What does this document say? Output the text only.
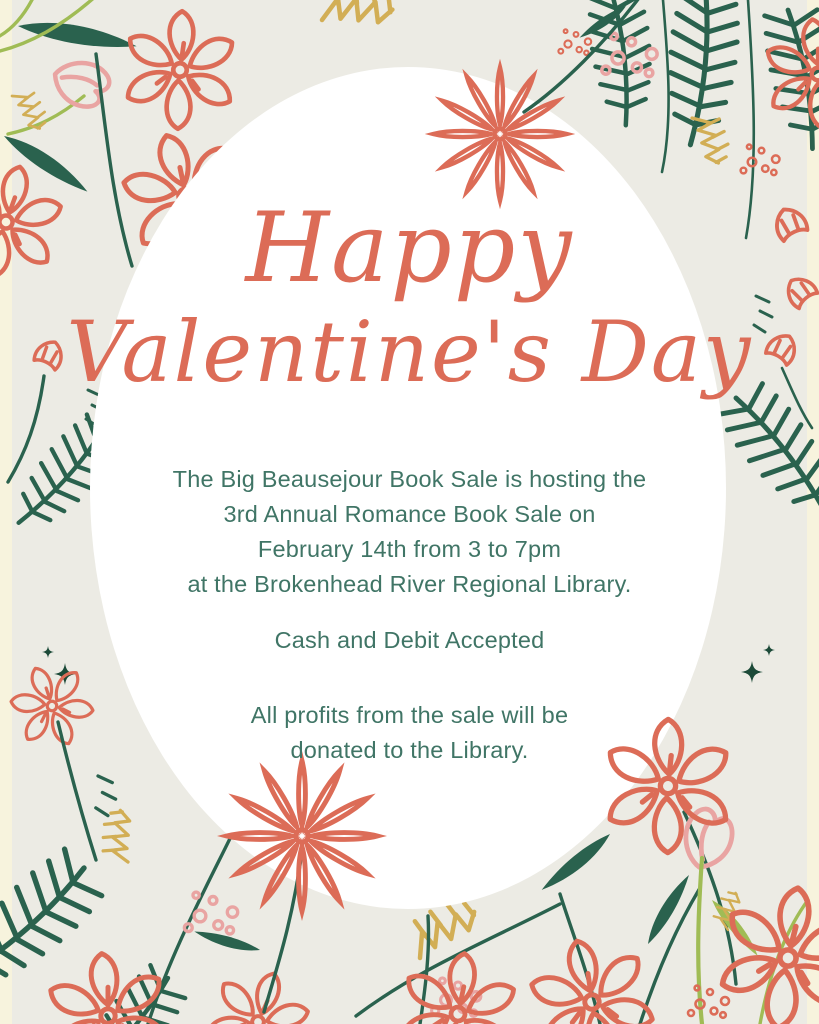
Happy
Valentine's Day
The Big Beausejour Book Sale is hosting the
3rd Annual Romance Book Sale on
February 14th from 3 to 7pm
at the Brokenhead River Regional Library.
Cash and Debit Accepted
All profits from the sale will be
donated to the Library.
